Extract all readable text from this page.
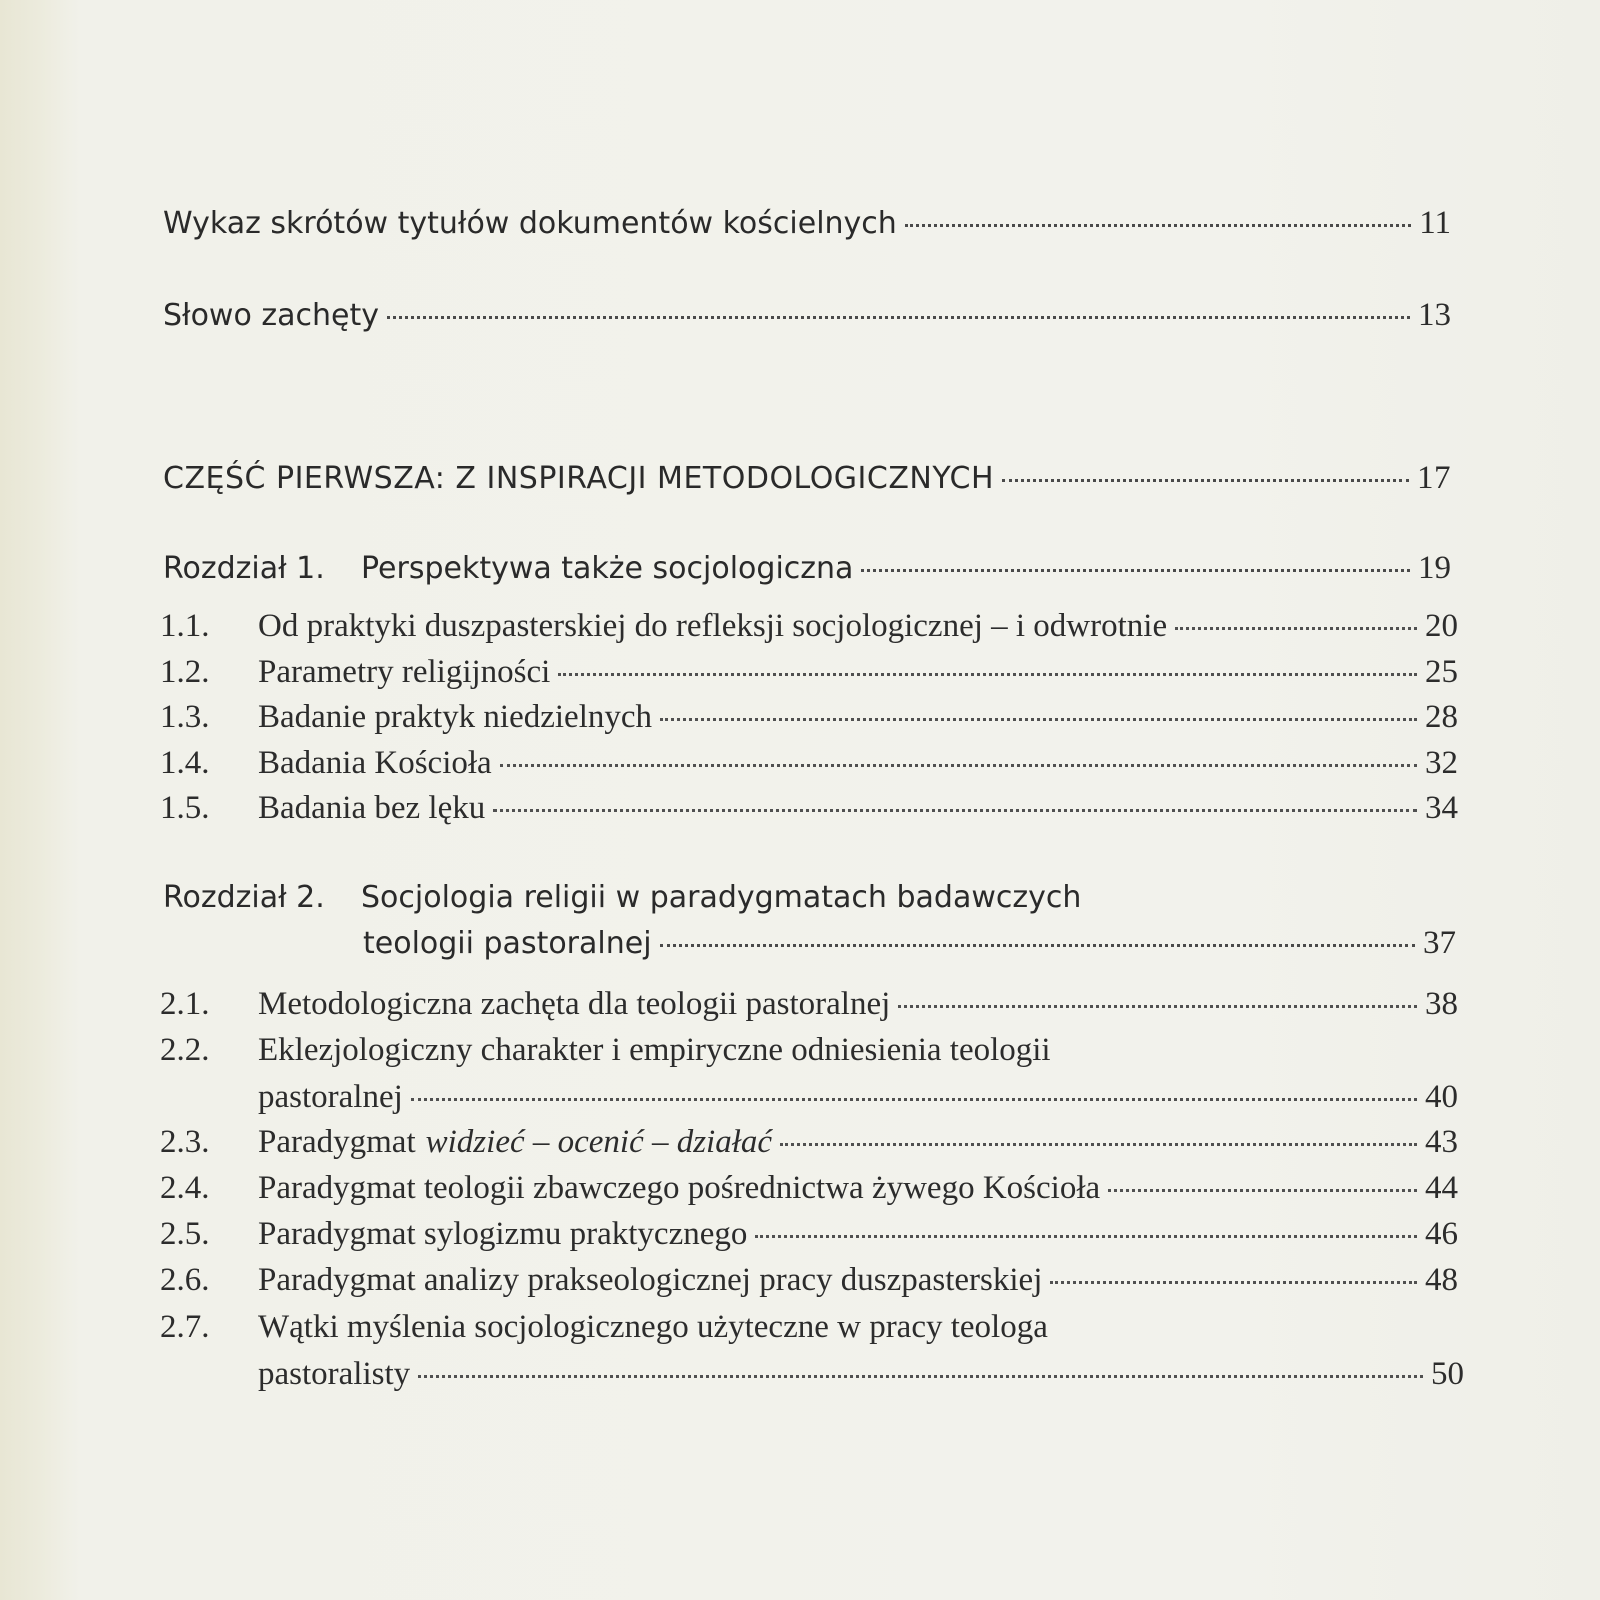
Wykaz skrótów tytułów dokumentów kościelnych	11
Słowo zachęty	13
CZĘŚĆ PIERWSZA: Z INSPIRACJI METODOLOGICZNYCH	17
Rozdział 1.	Perspektywa także socjologiczna	19
1.1.	Od praktyki duszpasterskiej do refleksji socjologicznej – i odwrotnie	20
1.2.	Parametry religijności	25
1.3.	Badanie praktyk niedzielnych	28
1.4.	Badania Kościoła	32
1.5.	Badania bez lęku	34
Rozdział 2. Socjologia religii w paradygmatach badawczych
teologii pastoralnej	37
2.1.	Metodologiczna zachęta dla teologii pastoralnej	38
2.2.	Eklezjologiczny charakter i empiryczne odniesienia teologii
pastoralnej	40
2.3.	Paradygmat widzieć – ocenić – działać	43
2.4.	Paradygmat teologii zbawczego pośrednictwa żywego Kościoła	44
2.5.	Paradygmat sylogizmu praktycznego	46
2.6.	Paradygmat analizy prakseologicznej pracy duszpasterskiej	48
2.7.	Wątki myślenia socjologicznego użyteczne w pracy teologa
pastoralisty	50
